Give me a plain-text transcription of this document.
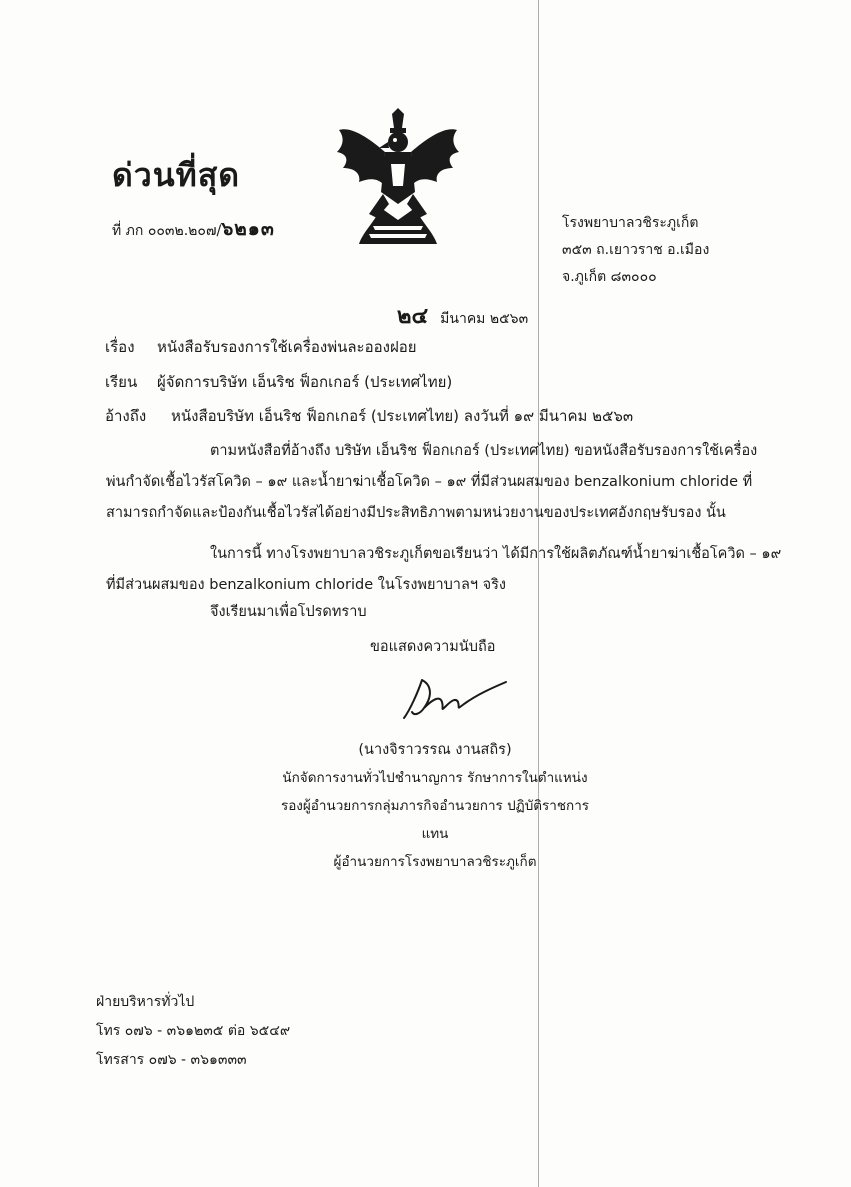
ด่วนที่สุด
ที่ ภก ๐๐๓๒.๒๐๗/๖๒๑๓	โรงพยาบาลวชิระภูเก็ต
๓๕๓ ถ.เยาวราช อ.เมือง
จ.ภูเก็ต ๘๓๐๐๐
๒๔ มีนาคม ๒๕๖๓
เรื่อง หนังสือรับรองการใช้เครื่องพ่นละอองฝอย
เรียน ผู้จัดการบริษัท เอ็นริช ฟ็อกเกอร์ (ประเทศไทย)
อ้างถึง หนังสือบริษัท เอ็นริช ฟ็อกเกอร์ (ประเทศไทย) ลงวันที่ ๑๙ มีนาคม ๒๕๖๓
ตามหนังสือที่อ้างถึง บริษัท เอ็นริช ฟ็อกเกอร์ (ประเทศไทย) ขอหนังสือรับรองการใช้เครื่อง
พ่นกำจัดเชื้อไวรัสโควิด – ๑๙ และน้ำยาฆ่าเชื้อโควิด – ๑๙ ที่มีส่วนผสมของ benzalkonium chloride ที่
สามารถกำจัดและป้องกันเชื้อไวรัสได้อย่างมีประสิทธิภาพตามหน่วยงานของประเทศอังกฤษรับรอง นั้น
ในการนี้ ทางโรงพยาบาลวชิระภูเก็ตขอเรียนว่า ได้มีการใช้ผลิตภัณฑ์น้ำยาฆ่าเชื้อโควิด – ๑๙
ที่มีส่วนผสมของ benzalkonium chloride ในโรงพยาบาลฯ จริง
จึงเรียนมาเพื่อโปรดทราบ
ขอแสดงความนับถือ
(นางจิราวรรณ งานสถิร)
นักจัดการงานทั่วไปชำนาญการ รักษาการในตำแหน่ง
รองผู้อำนวยการกลุ่มภารกิจอำนวยการ ปฏิบัติราชการแทน
ผู้อำนวยการโรงพยาบาลวชิระภูเก็ต
ฝ่ายบริหารทั่วไป
โทร ๐๗๖ - ๓๖๑๒๓๕ ต่อ ๖๕๔๙
โทรสาร ๐๗๖ - ๓๖๑๓๓๓
